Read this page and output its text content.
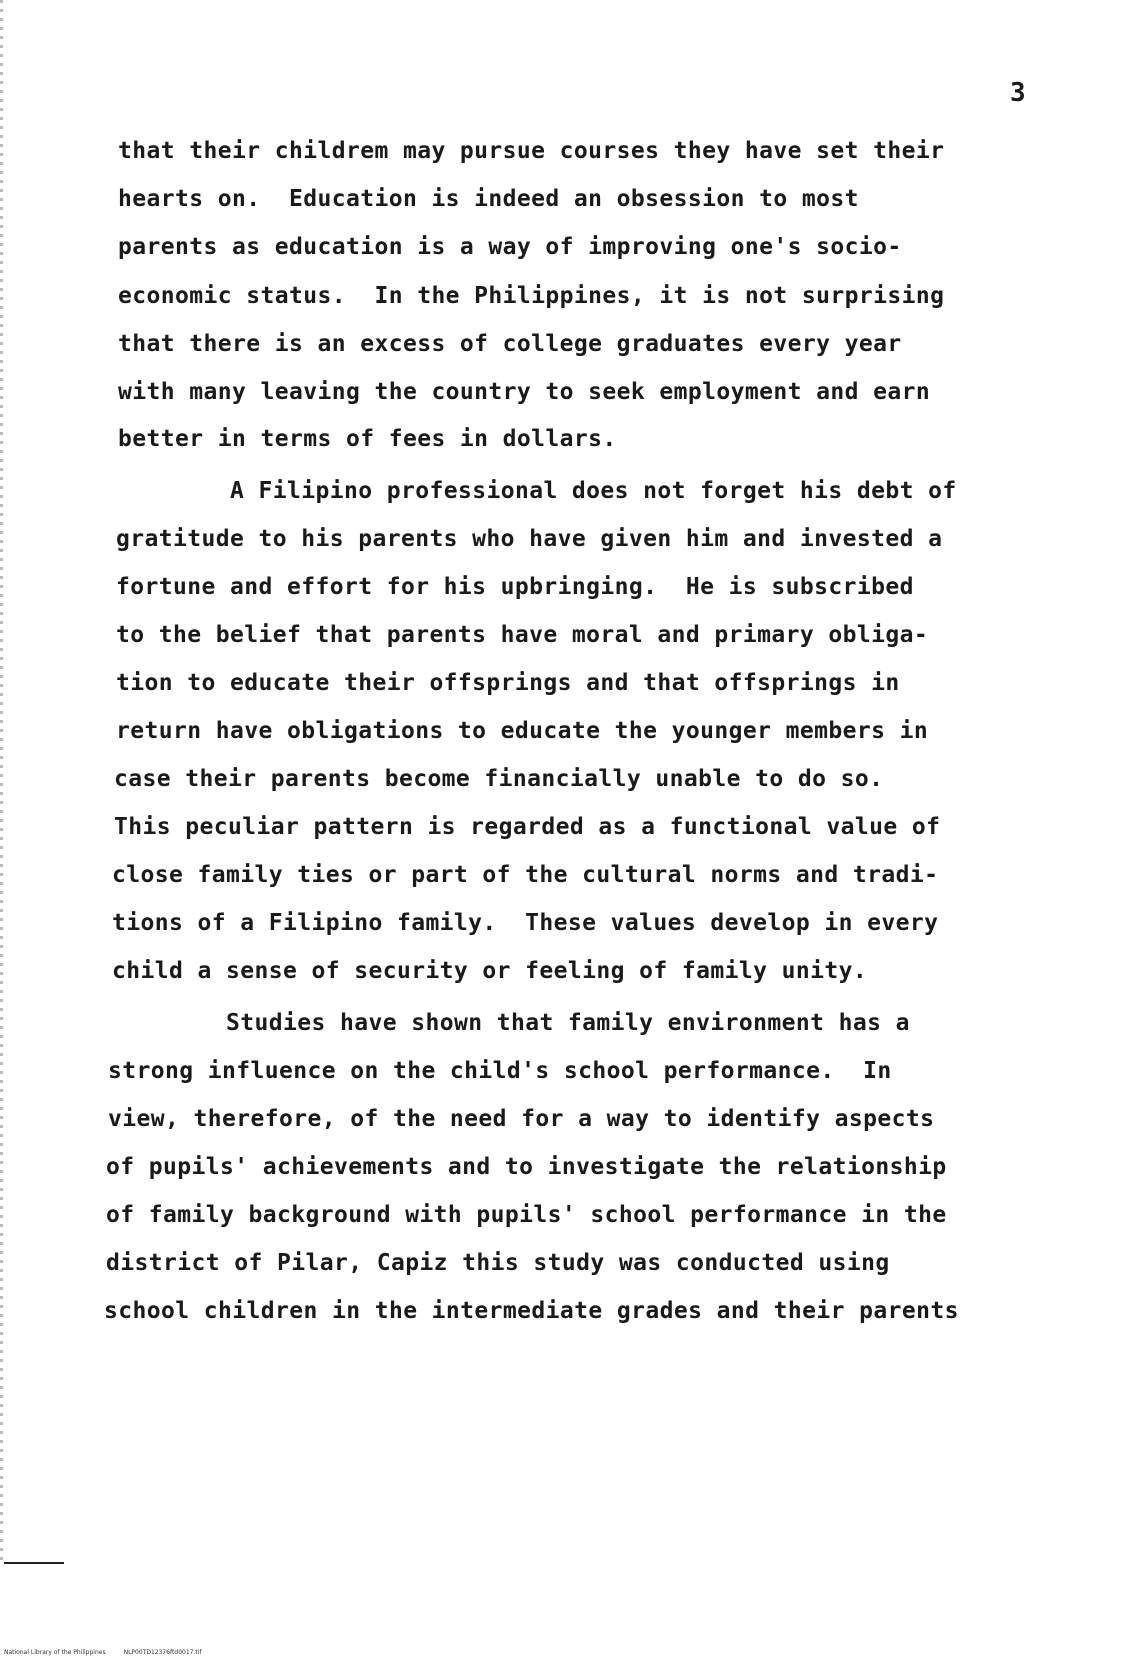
3
that their childrem may pursue courses they have set their
hearts on.  Education is indeed an obsession to most
parents as education is a way of improving one's socio-
economic status.  In the Philippines, it is not surprising
that there is an excess of college graduates every year
with many leaving the country to seek employment and earn
better in terms of fees in dollars.
A Filipino professional does not forget his debt of
gratitude to his parents who have given him and invested a
fortune and effort for his upbringing.  He is subscribed
to the belief that parents have moral and primary obliga-
tion to educate their offsprings and that offsprings in
return have obligations to educate the younger members in
case their parents become financially unable to do so.
This peculiar pattern is regarded as a functional value of
close family ties or part of the cultural norms and tradi-
tions of a Filipino family.  These values develop in every
child a sense of security or feeling of family unity.
Studies have shown that family environment has a
strong influence on the child's school performance.  In
view, therefore, of the need for a way to identify aspects
of pupils' achievements and to investigate the relationship
of family background with pupils' school performance in the
district of Pilar, Capiz this study was conducted using
school children in the intermediate grades and their parents
National Library of the Philippines	NLP00TD12376ftd0017.tif
